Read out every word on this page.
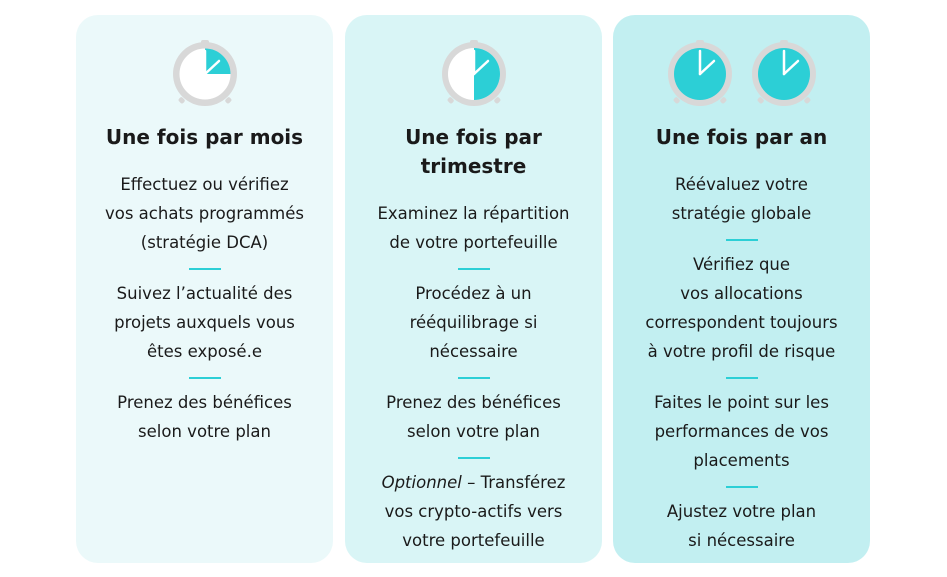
Une fois par mois

Effectuez ou vérifiez
vos achats programmés
(stratégie DCA)

Suivez l’actualité des
projets auxquels vous
êtes exposé.e

Prenez des bénéfices
selon votre plan

Une fois par
trimestre

Examinez la répartition
de votre portefeuille

Procédez à un
rééquilibrage si
nécessaire

Prenez des bénéfices
selon votre plan

Optionnel – Transférez
vos crypto-actifs vers
votre portefeuille

Une fois par an

Réévaluez votre
stratégie globale

Vérifiez que
vos allocations
correspondent toujours
à votre profil de risque

Faites le point sur les
performances de vos
placements

Ajustez votre plan
si nécessaire
